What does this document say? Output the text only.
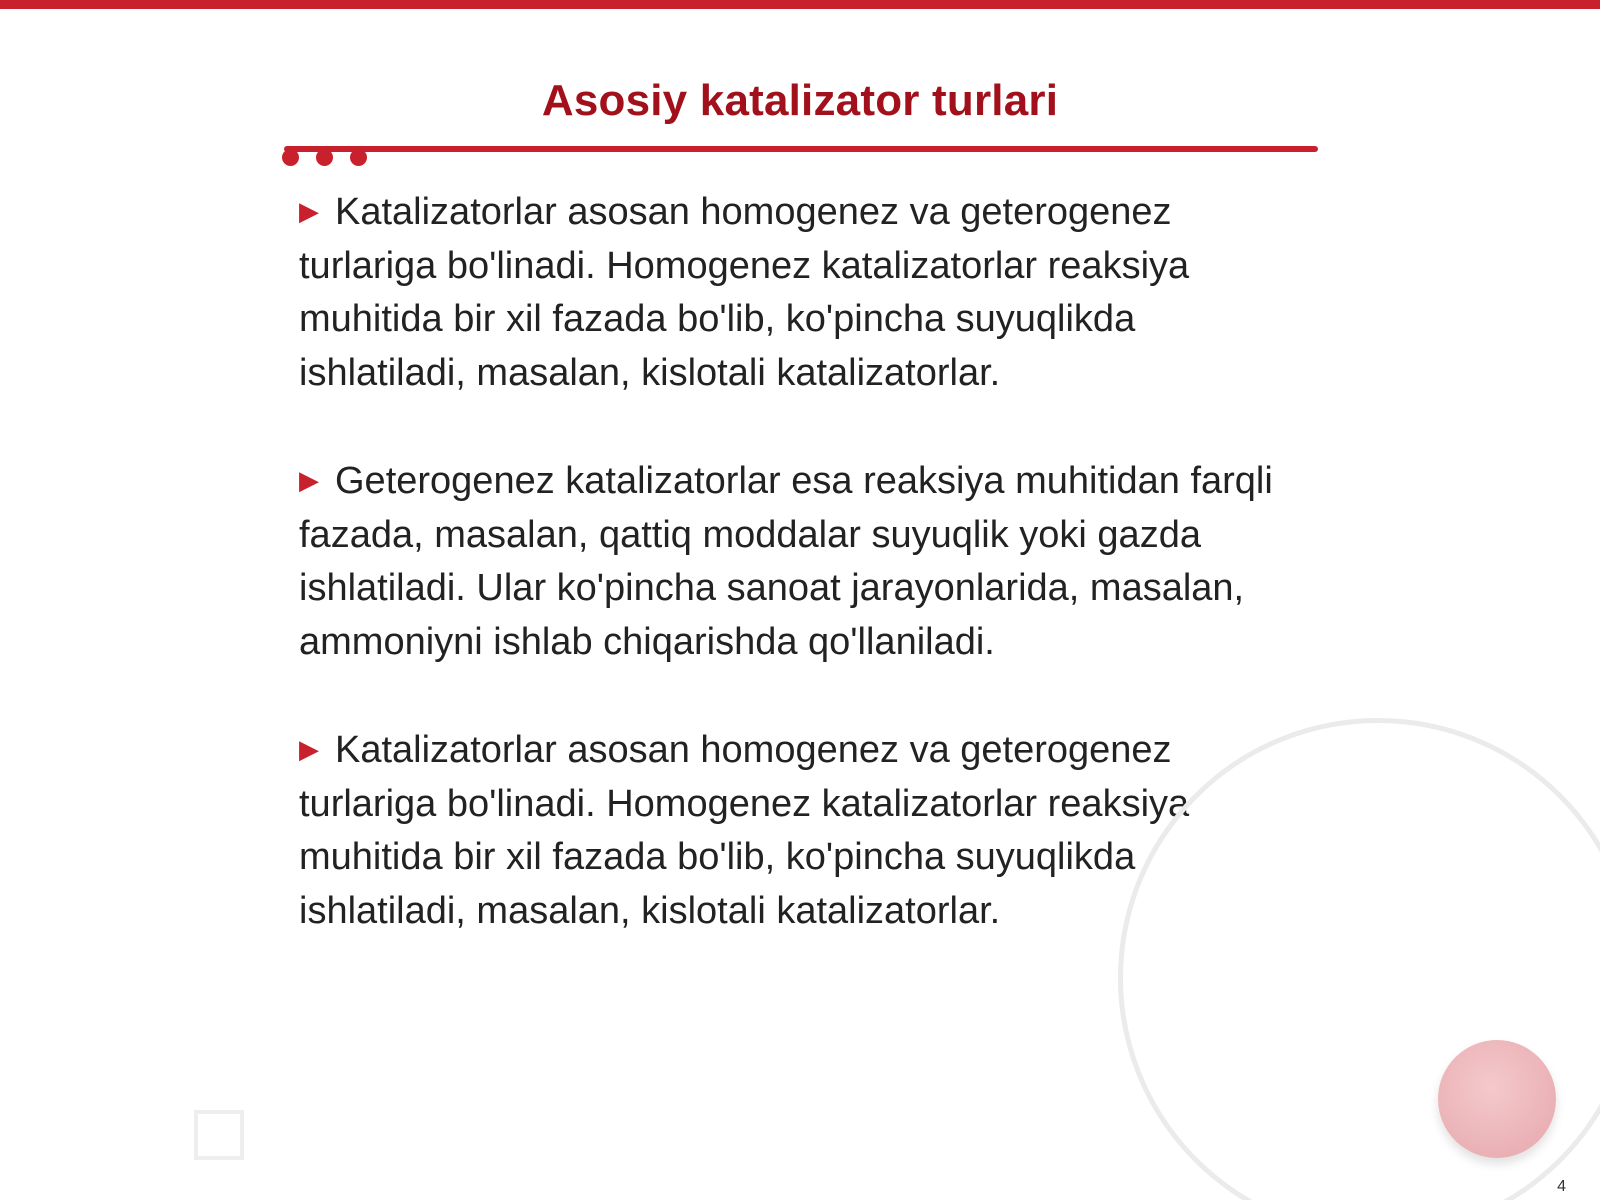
Asosiy katalizator turlari

▶ Katalizatorlar asosan homogenez va geterogenez turlariga bo'linadi. Homogenez katalizatorlar reaksiya muhitida bir xil fazada bo'lib, ko'pincha suyuqlikda ishlatiladi, masalan, kislotali katalizatorlar.

▶ Geterogenez katalizatorlar esa reaksiya muhitidan farqli fazada, masalan, qattiq moddalar suyuqlik yoki gazda ishlatiladi. Ular ko'pincha sanoat jarayonlarida, masalan, ammoniyni ishlab chiqarishda qo'llaniladi.

▶ Katalizatorlar asosan homogenez va geterogenez turlariga bo'linadi. Homogenez katalizatorlar reaksiya muhitida bir xil fazada bo'lib, ko'pincha suyuqlikda ishlatiladi, masalan, kislotali katalizatorlar.

4
